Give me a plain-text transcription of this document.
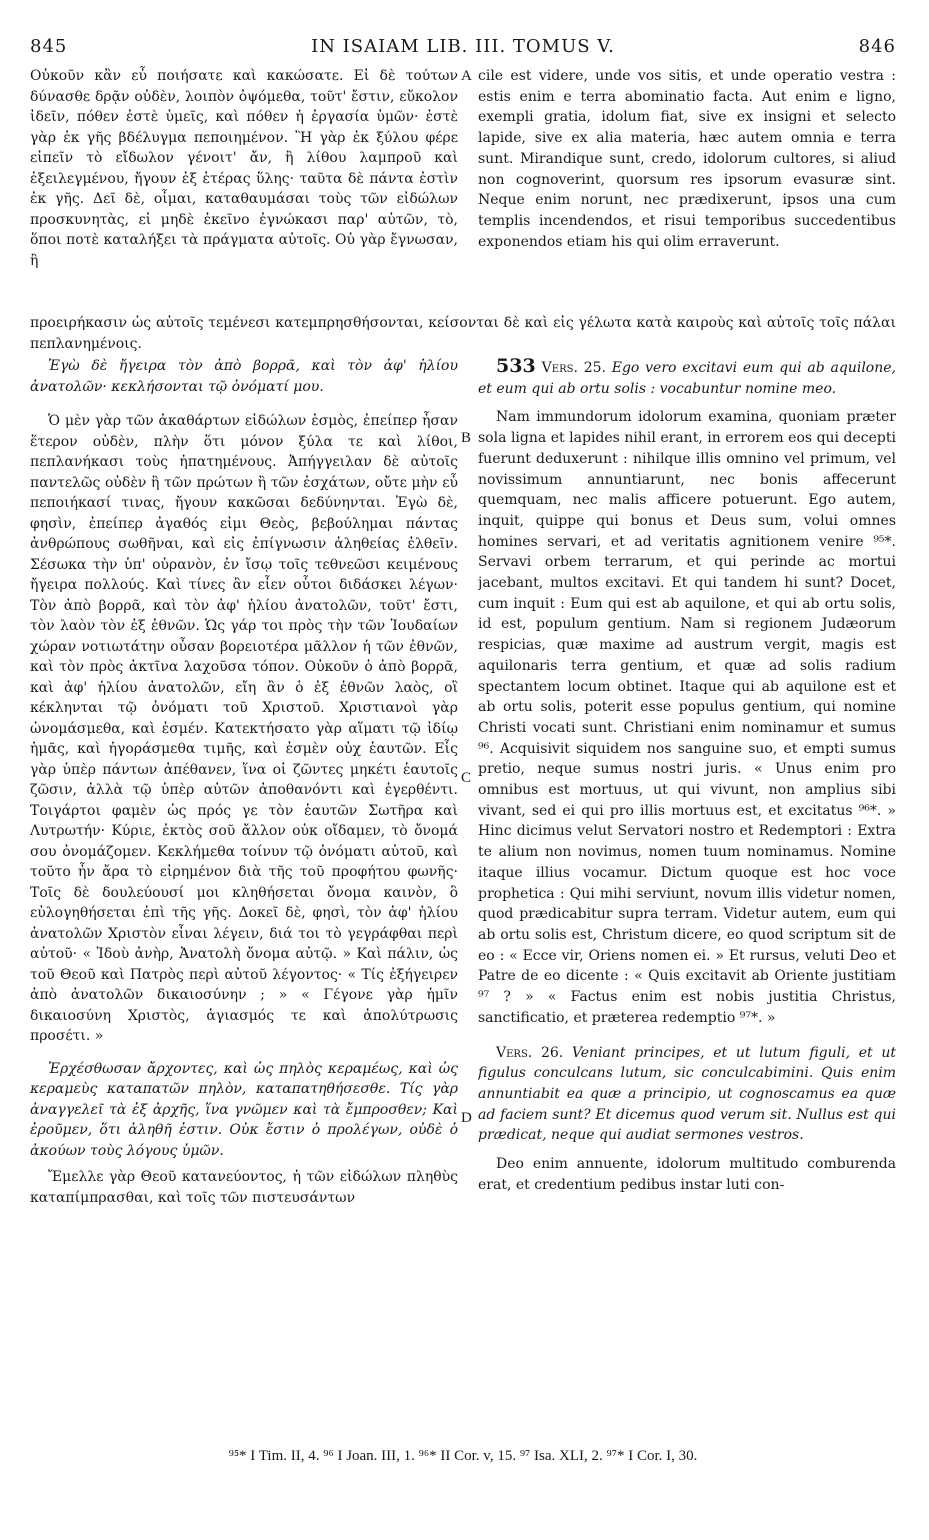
845	IN ISAIAM LIB. III. TOMUS V.	846

Οὐκοῦν κἂν εὖ ποιήσατε καὶ κακώσατε. Εἰ δὲ τούτων δύνασθε δρᾷν οὐδὲν, λοιπὸν ὀψόμεθα, τοῦτ' ἔστιν, εὔκολον ἰδεῖν, πόθεν ἐστὲ ὑμεῖς, καὶ πόθεν ἡ ἐργασία ὑμῶν· ἐστὲ γὰρ ἐκ γῆς βδέλυγμα πεποιημένον. Ἢ γὰρ ἐκ ξύλου φέρε εἰπεῖν τὸ εἴδωλον γένοιτ' ἄν, ἢ λίθου λαμπροῦ καὶ ἐξειλεγμένου, ἤγουν ἐξ ἑτέρας ὕλης· ταῦτα δὲ πάντα ἐστὶν ἐκ γῆς. Δεῖ δὲ, οἶμαι, καταθαυμάσαι τοὺς τῶν εἰδώλων προσκυνητὰς, εἰ μηδὲ ἐκεῖνο ἐγνώκασι παρ' αὐτῶν, τὸ, ὅποι ποτὲ καταλήξει τὰ πράγματα αὐτοῖς. Οὐ γὰρ ἔγνωσαν, ἢ

A cile est videre, unde vos sitis, et unde operatio vestra : estis enim e terra abominatio facta. Aut enim e ligno, exempli gratia, idolum fiat, sive ex insigni et selecto lapide, sive ex alia materia, hæc autem omnia e terra sunt. Mirandique sunt, credo, idolorum cultores, si aliud non cognoverint, quorsum res ipsorum evasuræ sint. Neque enim norunt, nec prædixerunt, ipsos una cum templis incendendos, et risui temporibus succedentibus exponendos etiam his qui olim erraverunt.

προειρήκασιν ὡς αὐτοῖς τεμένεσι κατεμπρησθήσονται, κείσονται δὲ καὶ εἰς γέλωτα κατὰ καιροὺς καὶ αὐτοῖς τοῖς πάλαι πεπλανημένοις.

Ἐγὼ δὲ ἤγειρα τὸν ἀπὸ βορρᾶ, καὶ τὸν ἀφ' ἡλίου ἀνατολῶν· κεκλήσονται τῷ ὀνόματί μου.

Ὁ μὲν γὰρ τῶν ἀκαθάρτων εἰδώλων ἑσμὸς, ἐπείπερ ἦσαν ἕτερον οὐδὲν, πλὴν ὅτι μόνον ξύλα τε καὶ λίθοι, πεπλανήκασι τοὺς ἠπατημένους. Ἀπήγγειλαν δὲ αὐτοῖς παντελῶς οὐδὲν ἢ τῶν πρώτων ἢ τῶν ἐσχάτων, οὔτε μὴν εὖ πεποιήκασί τινας, ἤγουν κακῶσαι δεδύνηνται. Ἐγὼ δὲ, φησὶν, ἐπείπερ ἀγαθός εἰμι Θεὸς, βεβούλημαι πάντας ἀνθρώπους σωθῆναι, καὶ εἰς ἐπίγνωσιν ἀληθείας ἐλθεῖν. Σέσωκα τὴν ὑπ' οὐρανὸν, ἐν ἴσῳ τοῖς τεθνεῶσι κειμένους ἤγειρα πολλούς. Καὶ τίνες ἂν εἶεν οὗτοι διδάσκει λέγων· Τὸν ἀπὸ βορρᾶ, καὶ τὸν ἀφ' ἡλίου ἀνατολῶν, τοῦτ' ἔστι, τὸν λαὸν τὸν ἐξ ἐθνῶν. Ὡς γάρ τοι πρὸς τὴν τῶν Ἰουδαίων χώραν νοτιωτάτην οὖσαν βορειοτέρα μᾶλλον ἡ τῶν ἐθνῶν, καὶ τὸν πρὸς ἀκτῖνα λαχοῦσα τόπον. Οὐκοῦν ὁ ἀπὸ βορρᾶ, καὶ ἀφ' ἡλίου ἀνατολῶν, εἴη ἂν ὁ ἐξ ἐθνῶν λαὸς, οἳ κέκληνται τῷ ὀνόματι τοῦ Χριστοῦ. Χριστιανοὶ γὰρ ὠνομάσμεθα, καὶ ἐσμέν. Κατεκτήσατο γὰρ αἵματι τῷ ἰδίῳ ἡμᾶς, καὶ ἠγοράσμεθα τιμῆς, καὶ ἐσμὲν οὐχ ἑαυτῶν. Εἷς γὰρ ὑπὲρ πάντων ἀπέθανεν, ἵνα οἱ ζῶντες μηκέτι ἑαυτοῖς ζῶσιν, ἀλλὰ τῷ ὑπὲρ αὐτῶν ἀποθανόντι καὶ ἐγερθέντι. Τοιγάρτοι φαμὲν ὡς πρός γε τὸν ἑαυτῶν Σωτῆρα καὶ Λυτρωτήν· Κύριε, ἐκτὸς σοῦ ἄλλον οὐκ οἴδαμεν, τὸ ὄνομά σου ὀνομάζομεν. Κεκλήμεθα τοίνυν τῷ ὀνόματι αὐτοῦ, καὶ τοῦτο ἦν ἄρα τὸ εἰρημένον διὰ τῆς τοῦ προφήτου φωνῆς· Τοῖς δὲ δουλεύουσί μοι κληθήσεται ὄνομα καινὸν, ὃ εὐλογηθήσεται ἐπὶ τῆς γῆς. Δοκεῖ δὲ, φησὶ, τὸν ἀφ' ἡλίου ἀνατολῶν Χριστὸν εἶναι λέγειν, διά τοι τὸ γεγράφθαι περὶ αὐτοῦ· « Ἰδοὺ ἀνὴρ, Ἀνατολὴ ὄνομα αὐτῷ. » Καὶ πάλιν, ὡς τοῦ Θεοῦ καὶ Πατρὸς περὶ αὐτοῦ λέγοντος· « Τίς ἐξήγειρεν ἀπὸ ἀνατολῶν δικαιοσύνην ; » « Γέγονε γὰρ ἡμῖν δικαιοσύνη Χριστὸς, ἁγιασμός τε καὶ ἀπολύτρωσις προσέτι. »

Ἐρχέσθωσαν ἄρχοντες, καὶ ὡς πηλὸς κεραμέως, καὶ ὡς κεραμεὺς καταπατῶν πηλὸν, καταπατηθήσεσθε. Τίς γὰρ ἀναγγελεῖ τὰ ἐξ ἀρχῆς, ἵνα γνῶμεν καὶ τὰ ἔμπροσθεν; Καὶ ἐροῦμεν, ὅτι ἀληθῆ ἐστιν. Οὐκ ἔστιν ὁ προλέγων, οὐδὲ ὁ ἀκούων τοὺς λόγους ὑμῶν.

Ἔμελλε γὰρ Θεοῦ κατανεύοντος, ἡ τῶν εἰδώλων πληθὺς καταπίμπρασθαι, καὶ τοῖς τῶν πιστευσάντων

B
C
D

533 Vers. 25. Ego vero excitavi eum qui ab aquilone, et eum qui ab ortu solis : vocabuntur nomine meo.

Nam immundorum idolorum examina, quoniam præter sola ligna et lapides nihil erant, in errorem eos qui decepti fuerunt deduxerunt : nihilque illis omnino vel primum, vel novissimum annuntiarunt, nec bonis affecerunt quemquam, nec malis afficere potuerunt. Ego autem, inquit, quippe qui bonus et Deus sum, volui omnes homines servari, et ad veritatis agnitionem venire ⁹⁵*. Servavi orbem terrarum, et qui perinde ac mortui jacebant, multos excitavi. Et qui tandem hi sunt? Docet, cum inquit : Eum qui est ab aquilone, et qui ab ortu solis, id est, populum gentium. Nam si regionem Judæorum respicias, quæ maxime ad austrum vergit, magis est aquilonaris terra gentium, et quæ ad solis radium spectantem locum obtinet. Itaque qui ab aquilone est et ab ortu solis, poterit esse populus gentium, qui nomine Christi vocati sunt. Christiani enim nominamur et sumus ⁹⁶. Acquisivit siquidem nos sanguine suo, et empti sumus pretio, neque sumus nostri juris. « Unus enim pro omnibus est mortuus, ut qui vivunt, non amplius sibi vivant, sed ei qui pro illis mortuus est, et excitatus ⁹⁶*. » Hinc dicimus velut Servatori nostro et Redemptori : Extra te alium non novimus, nomen tuum nominamus. Nomine itaque illius vocamur. Dictum quoque est hoc voce prophetica : Qui mihi serviunt, novum illis videtur nomen, quod prædicabitur supra terram. Videtur autem, eum qui ab ortu solis est, Christum dicere, eo quod scriptum sit de eo : « Ecce vir, Oriens nomen ei. » Et rursus, veluti Deo et Patre de eo dicente : « Quis excitavit ab Oriente justitiam ⁹⁷ ? » « Factus enim est nobis justitia Christus, sanctificatio, et præterea redemptio ⁹⁷*. »

Vers. 26. Veniant principes, et ut lutum figuli, et ut figulus conculcans lutum, sic conculcabimini. Quis enim annuntiabit ea quæ a principio, ut cognoscamus ea quæ ad faciem sunt? Et dicemus quod verum sit. Nullus est qui prædicat, neque qui audiat sermones vestros.

Deo enim annuente, idolorum multitudo comburenda erat, et credentium pedibus instar luti con-

⁹⁵* I Tim. II, 4. ⁹⁶ I Joan. III, 1. ⁹⁶* II Cor. v, 15. ⁹⁷ Isa. XLI, 2. ⁹⁷* I Cor. I, 30.
